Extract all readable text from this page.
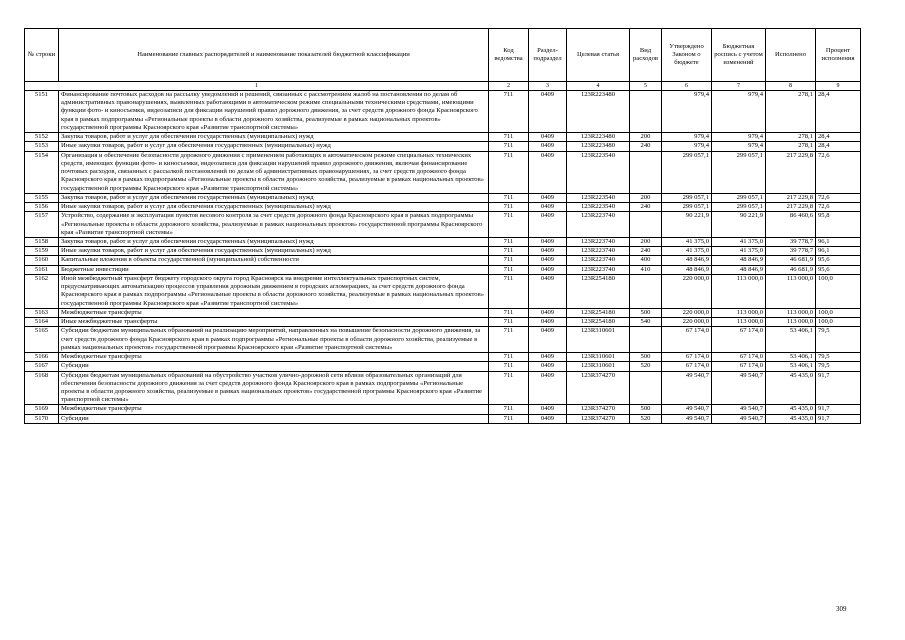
№ строки	Наименование главных распорядителей и наименование показателей бюджетной классификации	Код ведомства	Раздел-подраздел	Целевая статья	Вид расходов	Утверждено Законом о бюджете	Бюджетная роспись с учетом изменений	Исполнено	Процент исполнения
1		2	3	4	5	6	7	8	9
5151	Финансирование почтовых расходов на рассылку уведомлений и решений, связанных с рассмотрением жалоб на постановления по делам об административных правонарушениях, выявленных работающими в автоматическом режиме специальными техническими средствами, имеющими функции фото- и киносъемки, видеозаписи для фиксации нарушений правил дорожного движения, за счет средств дорожного фонда Красноярского края в рамках подпрограммы «Региональные проекты в области дорожного хозяйства, реализуемые в рамках национальных проектов» государственной программы Красноярского края «Развитие транспортной системы»	711	0409	123R223480		979,4	979,4	278,1	28,4
5152	Закупка товаров, работ и услуг для обеспечения государственных (муниципальных) нужд	711	0409	123R223480	200	979,4	979,4	278,1	28,4
5153	Иные закупки товаров, работ и услуг для обеспечения государственных (муниципальных) нужд	711	0409	123R223480	240	979,4	979,4	278,1	28,4
5154	Организация и обеспечение безопасности дорожного движения с применением работающих в автоматическом режиме специальных технических средств, имеющих функции фото- и киносъемки, видеозаписи для фиксации нарушений правил дорожного движения, включая финансирование почтовых расходов, связанных с рассылкой постановлений по делам об административных правонарушениях, за счет средств дорожного фонда Красноярского края в рамках подпрограммы «Региональные проекты в области дорожного хозяйства, реализуемые в рамках национальных проектов» государственной программы Красноярского края «Развитие транспортной системы»	711	0409	123R223540		299 057,1	299 057,1	217 229,8	72,6
5155	Закупка товаров, работ и услуг для обеспечения государственных (муниципальных) нужд	711	0409	123R223540	200	299 057,1	299 057,1	217 229,8	72,6
5156	Иные закупки товаров, работ и услуг для обеспечения государственных (муниципальных) нужд	711	0409	123R223540	240	299 057,1	299 057,1	217 229,8	72,6
5157	Устройство, содержание и эксплуатация пунктов весового контроля за счет средств дорожного фонда Красноярского края в рамках подпрограммы «Региональные проекты в области дорожного хозяйства, реализуемые в рамках национальных проектов» государственной программы Красноярского края «Развитие транспортной системы»	711	0409	123R223740		90 221,9	90 221,9	86 460,6	95,8
5158	Закупка товаров, работ и услуг для обеспечения государственных (муниципальных) нужд	711	0409	123R223740	200	41 375,0	41 375,0	39 778,7	96,1
5159	Иные закупки товаров, работ и услуг для обеспечения государственных (муниципальных) нужд	711	0409	123R223740	240	41 375,0	41 375,0	39 778,7	96,1
5160	Капитальные вложения в объекты государственной (муниципальной) собственности	711	0409	123R223740	400	48 846,9	48 846,9	46 681,9	95,6
5161	Бюджетные инвестиции	711	0409	123R223740	410	48 846,9	48 846,9	46 681,9	95,6
5162	Иной межбюджетный трансферт бюджету городского округа город Красноярск на внедрение интеллектуальных транспортных систем, предусматривающих автоматизацию процессов управления дорожным движением в городских агломерациях, за счет средств дорожного фонда Красноярского края в рамках подпрограммы «Региональные проекты в области дорожного хозяйства, реализуемые в рамках национальных проектов» государственной программы Красноярского края «Развитие транспортной системы»	711	0409	123R254180		220 000,0	113 000,0	113 000,0	100,0
5163	Межбюджетные трансферты	711	0409	123R254180	500	220 000,0	113 000,0	113 000,0	100,0
5164	Иные межбюджетные трансферты	711	0409	123R254180	540	220 000,0	113 000,0	113 000,0	100,0
5165	Субсидии бюджетам муниципальных образований на реализацию мероприятий, направленных на повышение безопасности дорожного движения, за счет средств дорожного фонда Красноярского края в рамках подпрограммы «Региональные проекты в области дорожного хозяйства, реализуемые в рамках национальных проектов» государственной программы Красноярского края «Развитие транспортной системы»	711	0409	123R310601		67 174,0	67 174,0	53 406,1	79,5
5166	Межбюджетные трансферты	711	0409	123R310601	500	67 174,0	67 174,0	53 406,1	79,5
5167	Субсидии	711	0409	123R310601	520	67 174,0	67 174,0	53 406,1	79,5
5168	Субсидии бюджетам муниципальных образований на обустройство участков улично-дорожной сети вблизи образовательных организаций для обеспечения безопасности дорожного движения за счет средств дорожного фонда Красноярского края в рамках подпрограммы «Региональные проекты в области дорожного хозяйства, реализуемые в рамках национальных проектов» государственной программы Красноярского края «Развитие транспортной системы»	711	0409	123R374270		49 540,7	49 540,7	45 435,0	91,7
5169	Межбюджетные трансферты	711	0409	123R374270	500	49 540,7	49 540,7	45 435,0	91,7
5170	Субсидии	711	0409	123R374270	520	49 540,7	49 540,7	45 435,0	91,7
309
